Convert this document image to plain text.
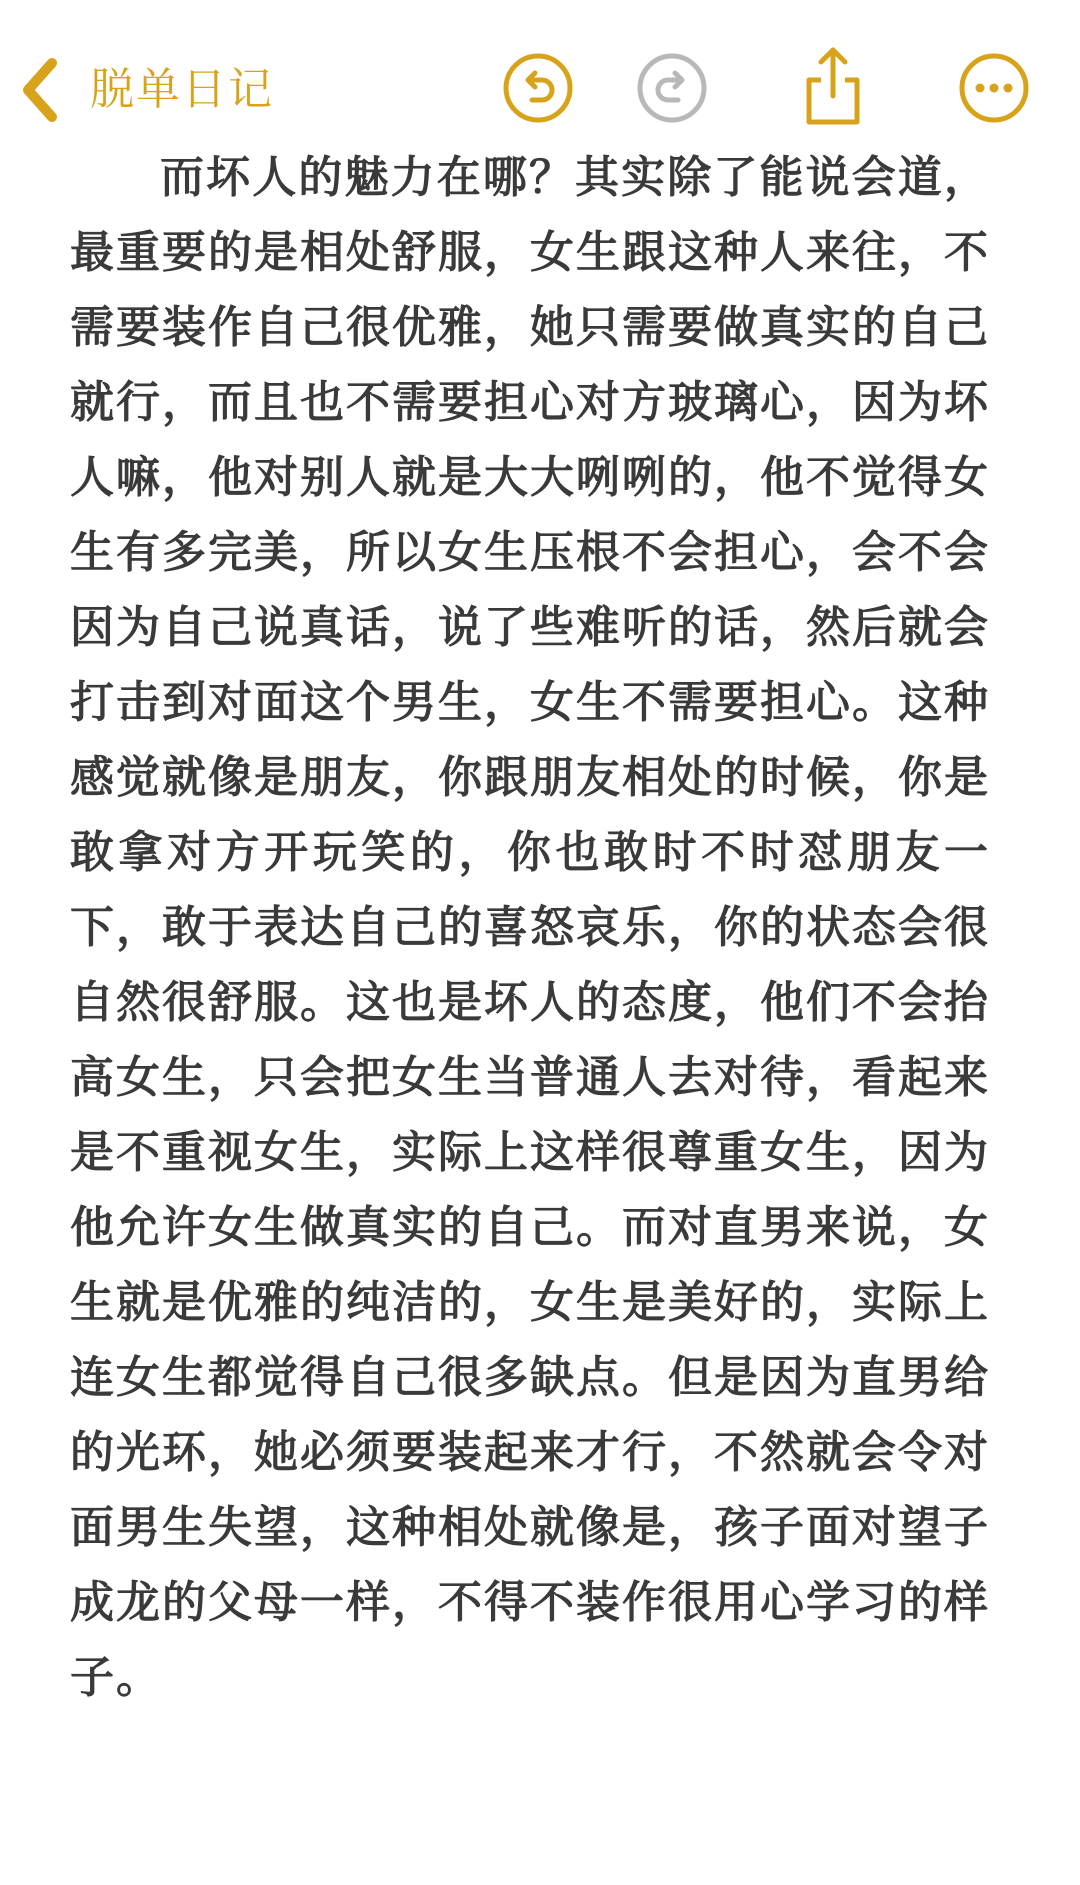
脱单日记

而坏人的魅力在哪？其实除了能说会道，最重要的是相处舒服，女生跟这种人来往，不需要装作自己很优雅，她只需要做真实的自己就行，而且也不需要担心对方玻璃心，因为坏人嘛，他对别人就是大大咧咧的，他不觉得女生有多完美，所以女生压根不会担心，会不会因为自己说真话，说了些难听的话，然后就会打击到对面这个男生，女生不需要担心。这种感觉就像是朋友，你跟朋友相处的时候，你是敢拿对方开玩笑的，你也敢时不时怼朋友一下，敢于表达自己的喜怒哀乐，你的状态会很自然很舒服。这也是坏人的态度，他们不会抬高女生，只会把女生当普通人去对待，看起来是不重视女生，实际上这样很尊重女生，因为他允许女生做真实的自己。而对直男来说，女生就是优雅的纯洁的，女生是美好的，实际上连女生都觉得自己很多缺点。但是因为直男给的光环，她必须要装起来才行，不然就会令对面男生失望，这种相处就像是，孩子面对望子成龙的父母一样，不得不装作很用心学习的样子。
